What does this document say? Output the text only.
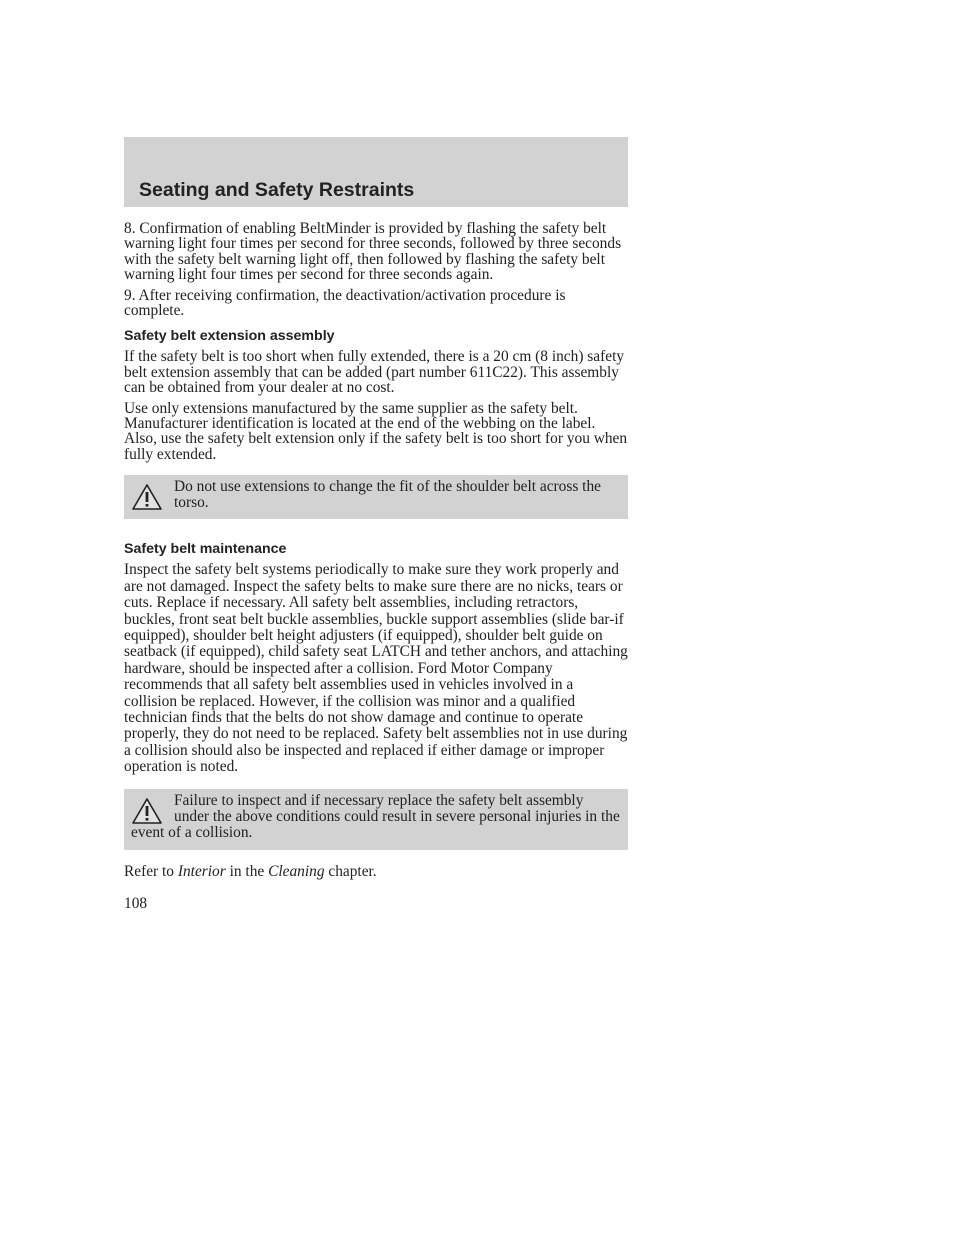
Seating and Safety Restraints

8. Confirmation of enabling BeltMinder is provided by flashing the safety belt warning light four times per second for three seconds, followed by three seconds with the safety belt warning light off, then followed by flashing the safety belt warning light four times per second for three seconds again.

9. After receiving confirmation, the deactivation/activation procedure is complete.

Safety belt extension assembly

If the safety belt is too short when fully extended, there is a 20 cm (8 inch) safety belt extension assembly that can be added (part number 611C22). This assembly can be obtained from your dealer at no cost.

Use only extensions manufactured by the same supplier as the safety belt. Manufacturer identification is located at the end of the webbing on the label. Also, use the safety belt extension only if the safety belt is too short for you when fully extended.

Do not use extensions to change the fit of the shoulder belt across the torso.
Safety belt maintenance

Inspect the safety belt systems periodically to make sure they work properly and are not damaged. Inspect the safety belts to make sure there are no nicks, tears or cuts. Replace if necessary. All safety belt assemblies, including retractors, buckles, front seat belt buckle assemblies, buckle support assemblies (slide bar-if equipped), shoulder belt height adjusters (if equipped), shoulder belt guide on seatback (if equipped), child safety seat LATCH and tether anchors, and attaching hardware, should be inspected after a collision. Ford Motor Company recommends that all safety belt assemblies used in vehicles involved in a collision be replaced. However, if the collision was minor and a qualified technician finds that the belts do not show damage and continue to operate properly, they do not need to be replaced. Safety belt assemblies not in use during a collision should also be inspected and replaced if either damage or improper operation is noted.

Failure to inspect and if necessary replace the safety belt assembly under the above conditions could result in severe personal injuries in the event of a collision.

Refer to Interior in the Cleaning chapter.

108
